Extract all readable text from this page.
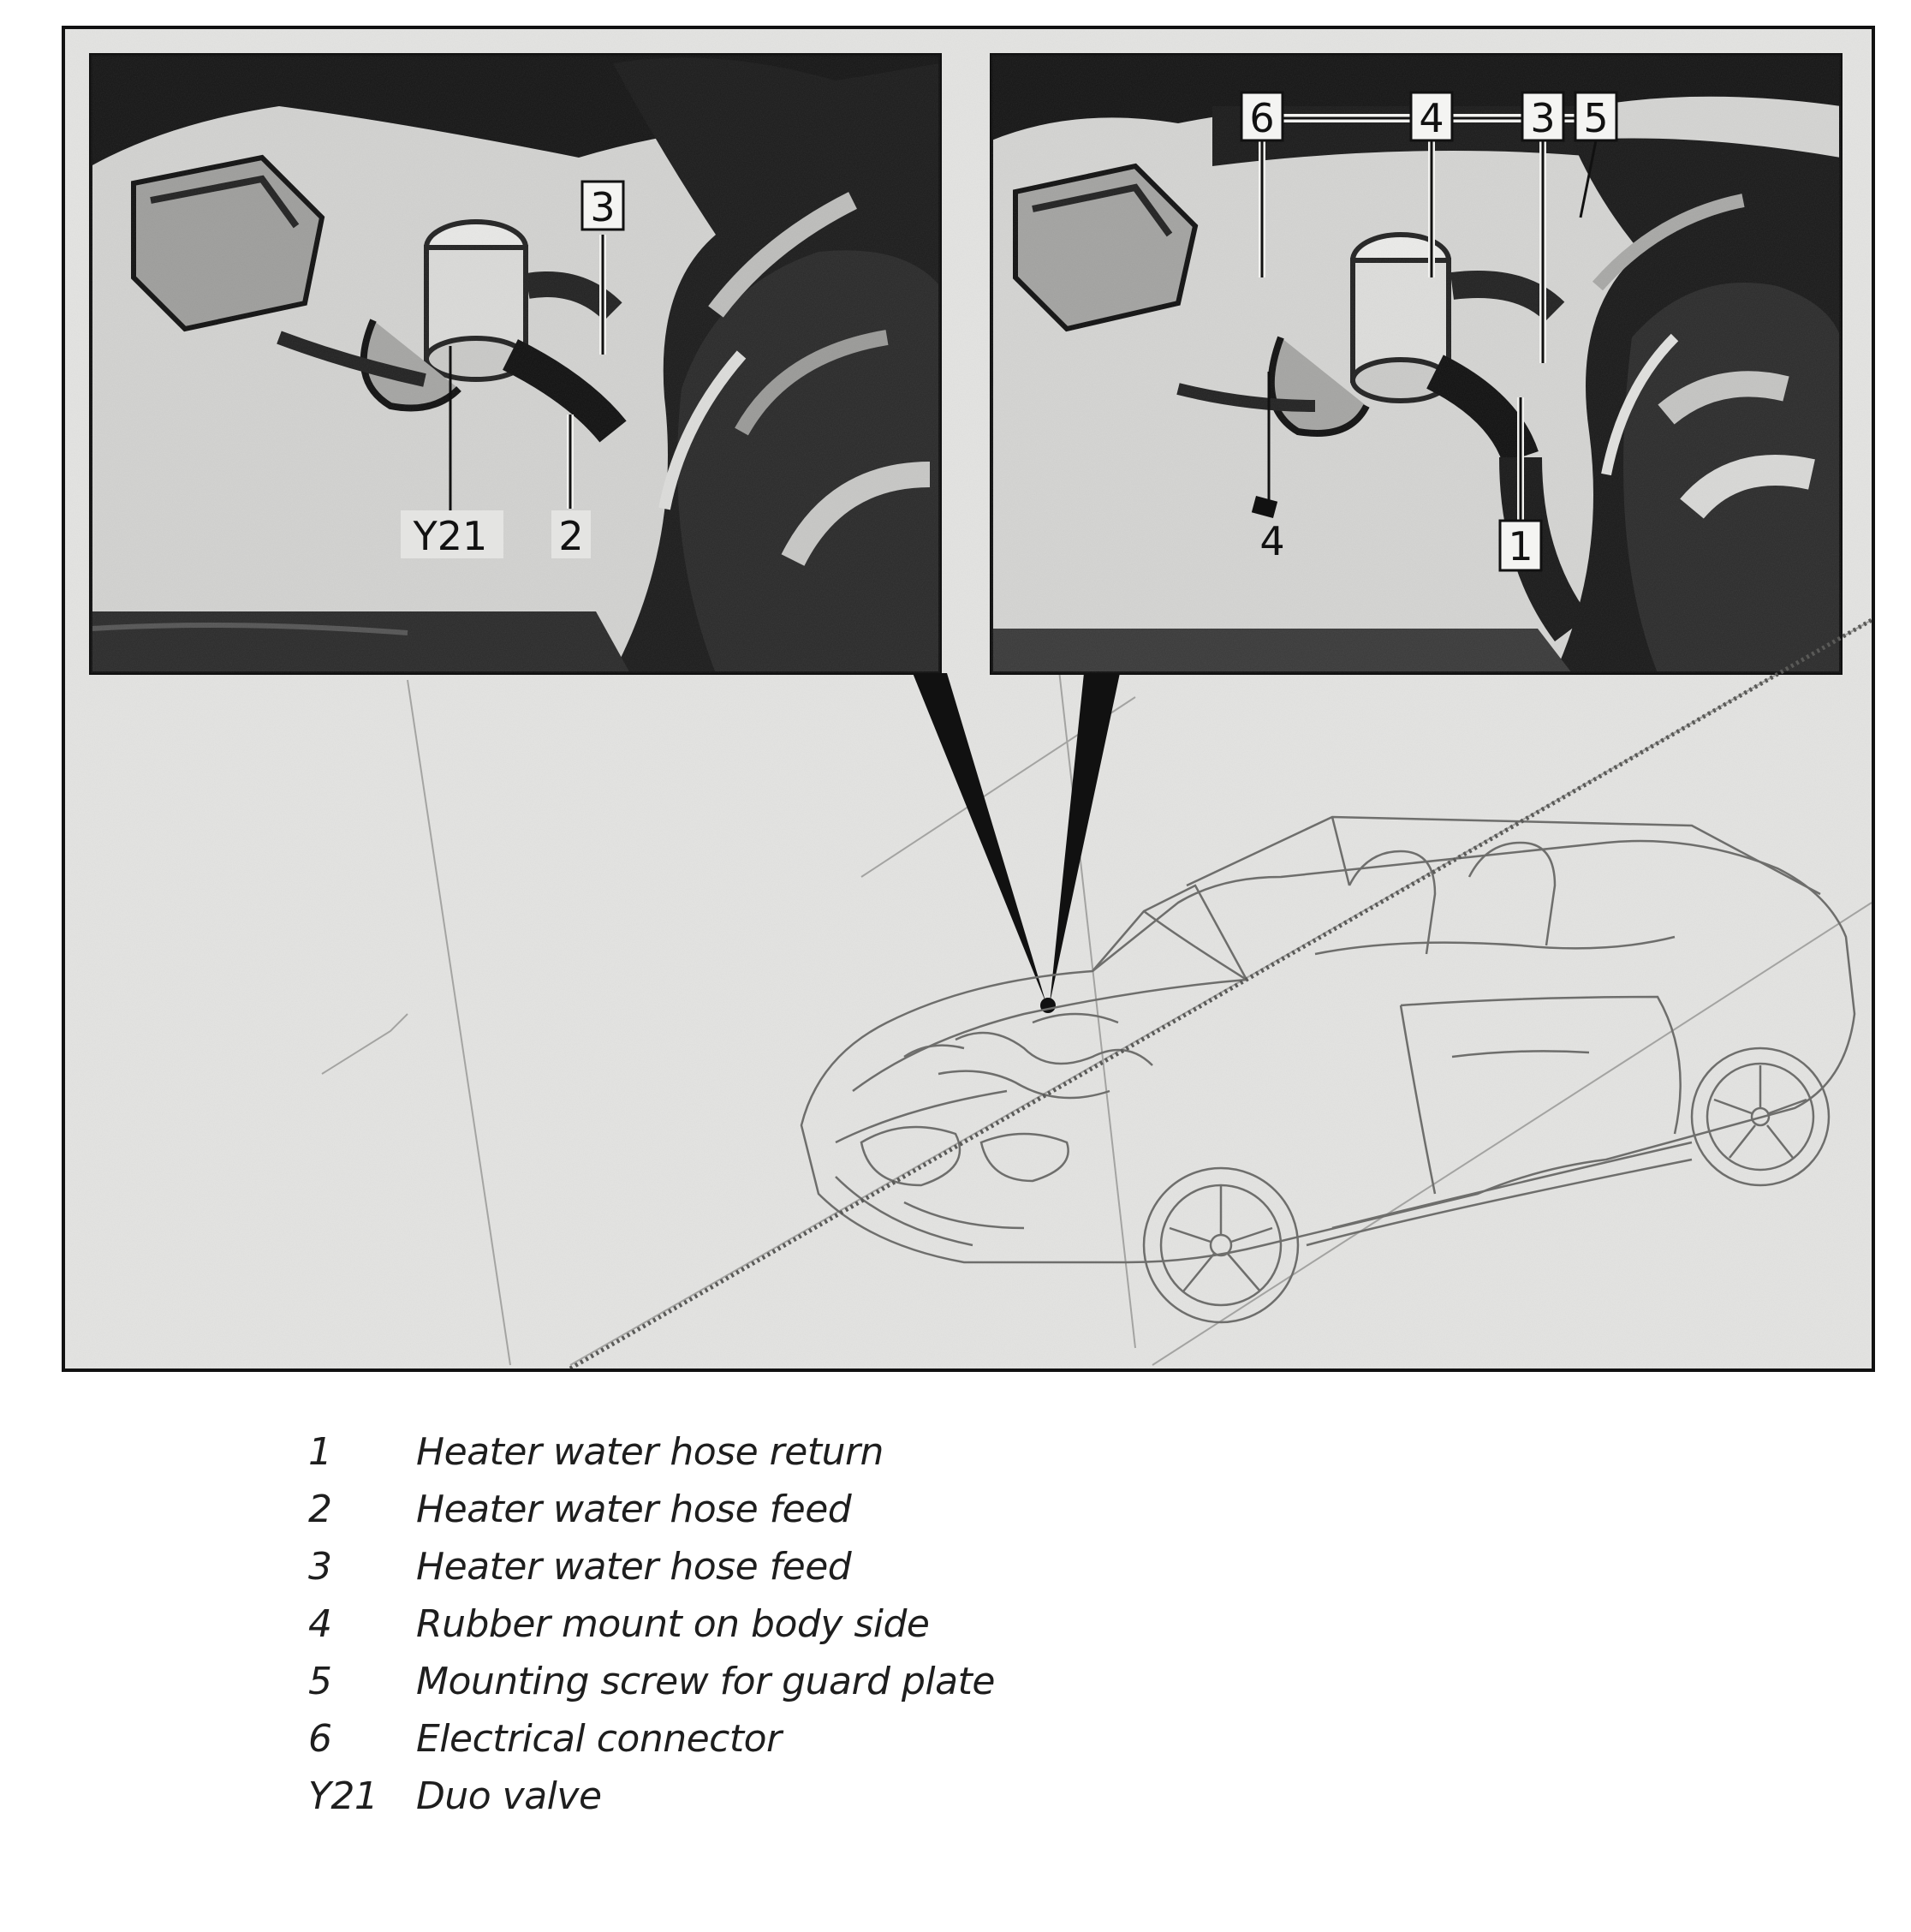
3
2
Y21
6	4 3 5
4	1
1	Heater water hose return
2	Heater water hose feed
3	Heater water hose feed
4	Rubber mount on body side
5	Mounting screw for guard plate
6	Electrical connector
Y21	Duo valve
